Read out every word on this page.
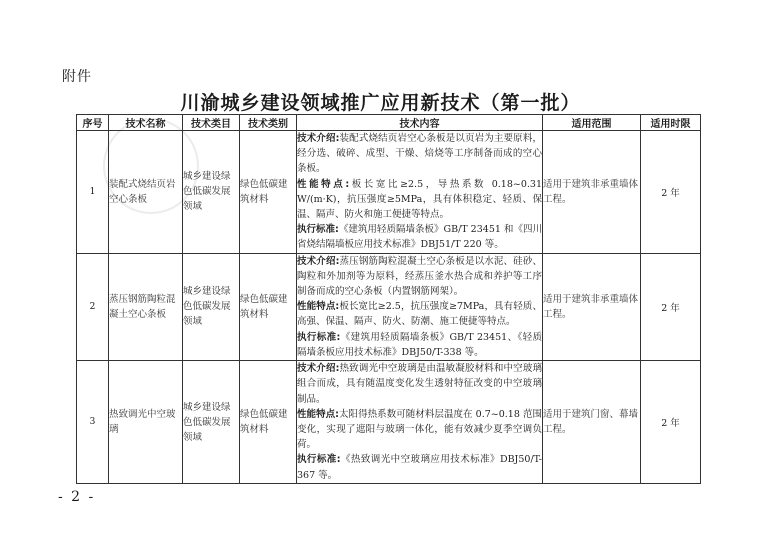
附件
川渝城乡建设领域推广应用新技术（第一批）
序号	技术名称	技术类目	技术类别	技术内容	适用范围	适用时限
1	装配式烧结页岩空心条板	城乡建设绿色低碳发展领域	绿色低碳建筑材料	技术介绍:装配式烧结页岩空心条板是以页岩为主要原料，经分选、破碎、成型、干燥、焙烧等工序制备而成的空心条板。

性能特点:板长宽比≥2.5，导热系数 0.18~0.31 W/(m·K)，抗压强度≥5MPa，具有体积稳定、轻质、保温、隔声、防火和施工便捷等特点。

执行标准:《建筑用轻质隔墙条板》GB/T 23451 和《四川省烧结隔墙板应用技术标准》DBJ51/T 220 等。	适用于建筑非承重墙体工程。	2 年
2	蒸压钢筋陶粒混凝土空心条板	城乡建设绿色低碳发展领域	绿色低碳建筑材料	技术介绍:蒸压钢筋陶粒混凝土空心条板是以水泥、硅砂、陶粒和外加剂等为原料，经蒸压釜水热合成和养护等工序制备而成的空心条板（内置钢筋网架）。

性能特点:板长宽比≥2.5，抗压强度≥7MPa，具有轻质、高强、保温、隔声、防火、防潮、施工便捷等特点。

执行标准:《建筑用轻质隔墙条板》GB/T 23451、《轻质隔墙条板应用技术标准》DBJ50/T-338 等。	适用于建筑非承重墙体工程。	2 年
3	热致调光中空玻璃	城乡建设绿色低碳发展领域	绿色低碳建筑材料	技术介绍:热致调光中空玻璃是由温敏凝胶材料和中空玻璃组合而成，具有随温度变化发生透射特征改变的中空玻璃制品。

性能特点:太阳得热系数可随材料层温度在 0.7~0.18 范围变化，实现了遮阳与玻璃一体化，能有效减少夏季空调负荷。

执行标准:《热致调光中空玻璃应用技术标准》DBJ50/T-367 等。	适用于建筑门窗、幕墙工程。	2 年
- 2 -
